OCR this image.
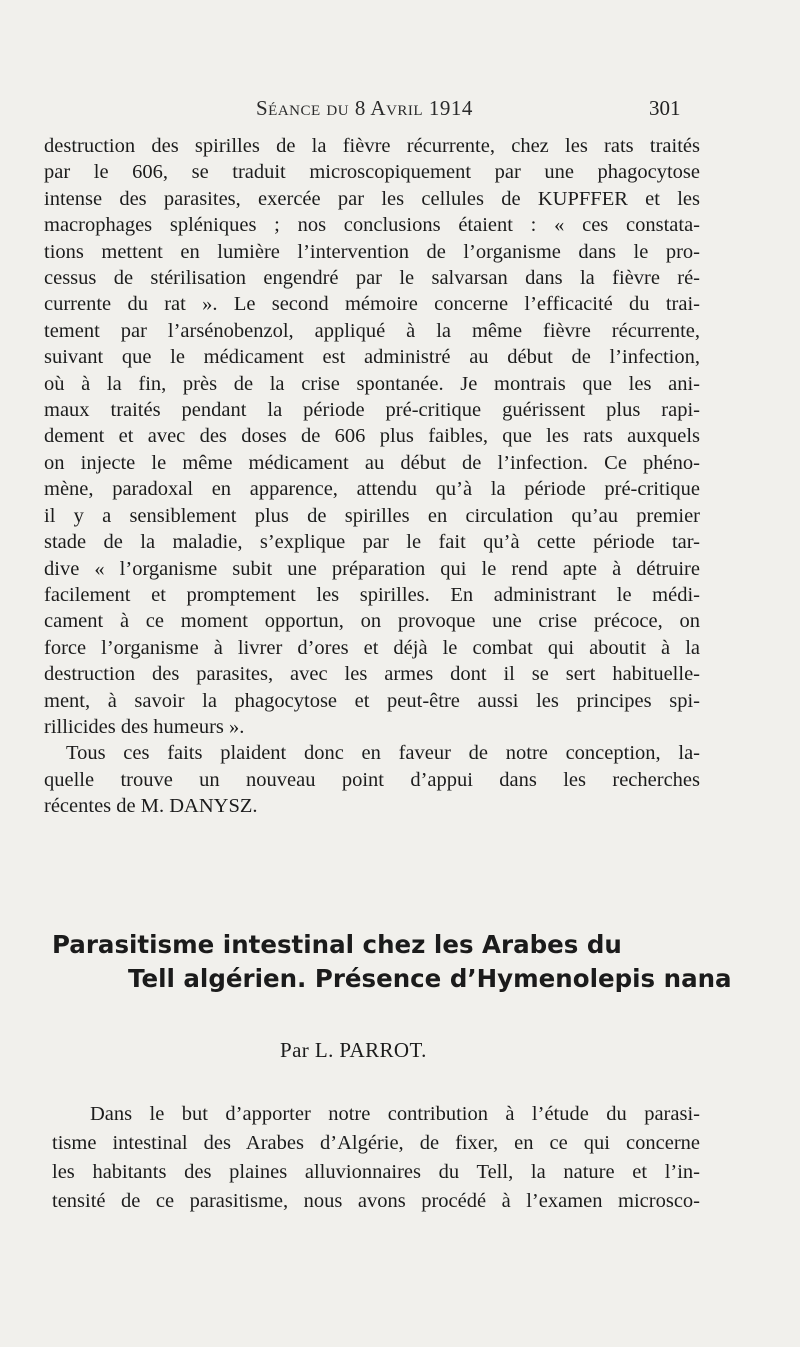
Séance du 8 Avril 1914	301
destruction des spirilles de la fièvre récurrente, chez les rats traités
par le 606, se traduit microscopiquement par une phagocytose
intense des parasites, exercée par les cellules de KUPFFER et les
macrophages spléniques ; nos conclusions étaient : « ces constata-
tions mettent en lumière l’intervention de l’organisme dans le pro-
cessus de stérilisation engendré par le salvarsan dans la fièvre ré-
currente du rat ». Le second mémoire concerne l’efficacité du trai-
tement par l’arsénobenzol, appliqué à la même fièvre récurrente,
suivant que le médicament est administré au début de l’infection,
où à la fin, près de la crise spontanée. Je montrais que les ani-
maux traités pendant la période pré-critique guérissent plus rapi-
dement et avec des doses de 606 plus faibles, que les rats auxquels
on injecte le même médicament au début de l’infection. Ce phéno-
mène, paradoxal en apparence, attendu qu’à la période pré-critique
il y a sensiblement plus de spirilles en circulation qu’au premier
stade de la maladie, s’explique par le fait qu’à cette période tar-
dive « l’organisme subit une préparation qui le rend apte à détruire
facilement et promptement les spirilles. En administrant le médi-
cament à ce moment opportun, on provoque une crise précoce, on
force l’organisme à livrer d’ores et déjà le combat qui aboutit à la
destruction des parasites, avec les armes dont il se sert habituelle-
ment, à savoir la phagocytose et peut-être aussi les principes spi-
rillicides des humeurs ».
Tous ces faits plaident donc en faveur de notre conception, la-
quelle trouve un nouveau point d’appui dans les recherches
récentes de M. DANYSZ.
Parasitisme intestinal chez les Arabes du
Tell algérien. Présence d’Hymenolepis nana
Par L. PARROT.
Dans le but d’apporter notre contribution à l’étude du parasi-
tisme intestinal des Arabes d’Algérie, de fixer, en ce qui concerne
les habitants des plaines alluvionnaires du Tell, la nature et l’in-
tensité de ce parasitisme, nous avons procédé à l’examen microsco-
